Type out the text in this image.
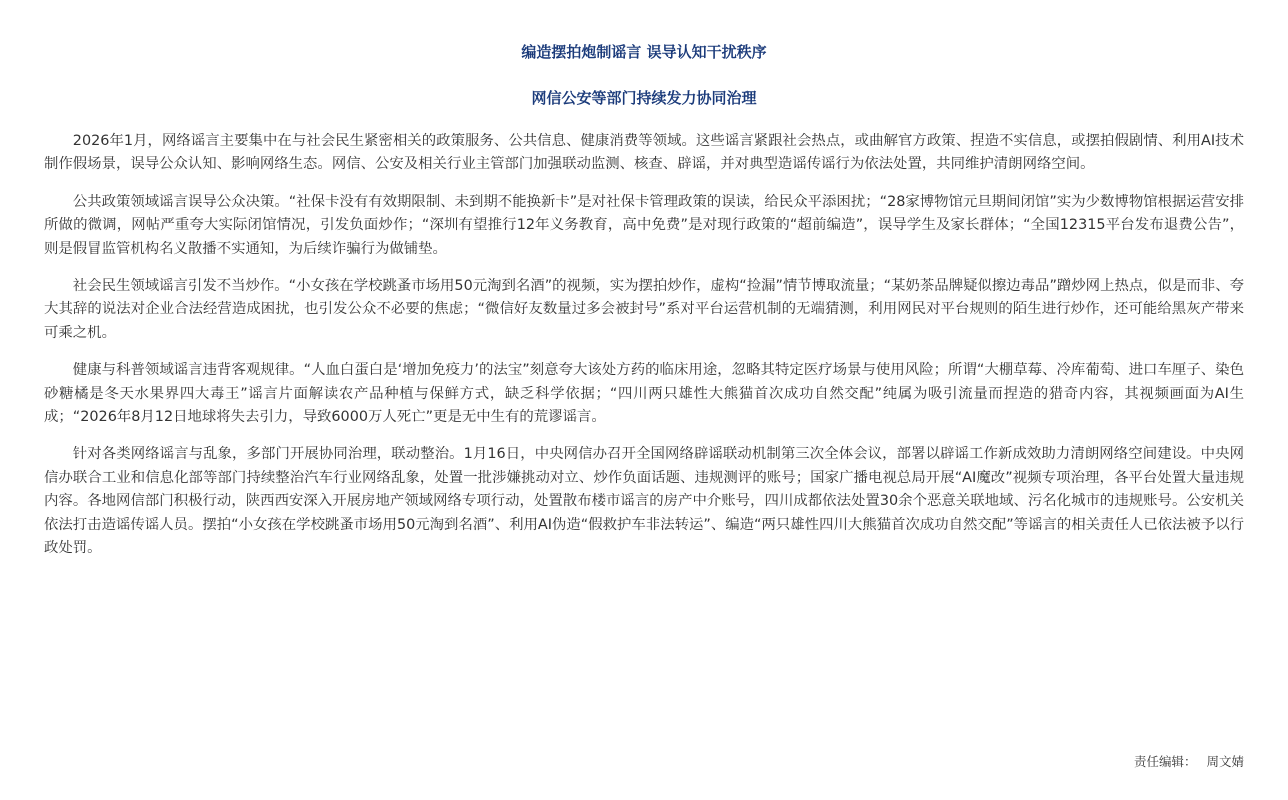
编造摆拍炮制谣言 误导认知干扰秩序
网信公安等部门持续发力协同治理

2026年1月，网络谣言主要集中在与社会民生紧密相关的政策服务、公共信息、健康消费等领域。这些谣言紧跟社会热点，或曲解官方政策、捏造不实信息，或摆拍假剧情、利用AI技术制作假场景，误导公众认知、影响网络生态。网信、公安及相关行业主管部门加强联动监测、核查、辟谣，并对典型造谣传谣行为依法处置，共同维护清朗网络空间。

公共政策领域谣言误导公众决策。“社保卡没有有效期限制、未到期不能换新卡”是对社保卡管理政策的误读，给民众平添困扰；“28家博物馆元旦期间闭馆”实为少数博物馆根据运营安排所做的微调，网帖严重夸大实际闭馆情况，引发负面炒作；“深圳有望推行12年义务教育，高中免费”是对现行政策的“超前编造”，误导学生及家长群体；“全国12315平台发布退费公告”，则是假冒监管机构名义散播不实通知，为后续诈骗行为做铺垫。

社会民生领域谣言引发不当炒作。“小女孩在学校跳蚤市场用50元淘到名酒”的视频，实为摆拍炒作，虚构“捡漏”情节博取流量；“某奶茶品牌疑似擦边毒品”蹭炒网上热点，似是而非、夸大其辞的说法对企业合法经营造成困扰，也引发公众不必要的焦虑；“微信好友数量过多会被封号”系对平台运营机制的无端猜测，利用网民对平台规则的陌生进行炒作，还可能给黑灰产带来可乘之机。

健康与科普领域谣言违背客观规律。“人血白蛋白是‘增加免疫力’的法宝”刻意夸大该处方药的临床用途，忽略其特定医疗场景与使用风险；所谓“大棚草莓、冷库葡萄、进口车厘子、染色砂糖橘是冬天水果界四大毒王”谣言片面解读农产品种植与保鲜方式，缺乏科学依据；“四川两只雄性大熊猫首次成功自然交配”纯属为吸引流量而捏造的猎奇内容，其视频画面为AI生成；“2026年8月12日地球将失去引力，导致6000万人死亡”更是无中生有的荒谬谣言。

针对各类网络谣言与乱象，多部门开展协同治理，联动整治。1月16日，中央网信办召开全国网络辟谣联动机制第三次全体会议，部署以辟谣工作新成效助力清朗网络空间建设。中央网信办联合工业和信息化部等部门持续整治汽车行业网络乱象，处置一批涉嫌挑动对立、炒作负面话题、违规测评的账号；国家广播电视总局开展“AI魔改”视频专项治理，各平台处置大量违规内容。各地网信部门积极行动，陕西西安深入开展房地产领域网络专项行动，处置散布楼市谣言的房产中介账号，四川成都依法处置30余个恶意关联地域、污名化城市的违规账号。公安机关依法打击造谣传谣人员。摆拍“小女孩在学校跳蚤市场用50元淘到名酒”、利用AI伪造“假救护车非法转运”、编造“两只雄性四川大熊猫首次成功自然交配”等谣言的相关责任人已依法被予以行政处罚。

责任编辑： 周文婧
